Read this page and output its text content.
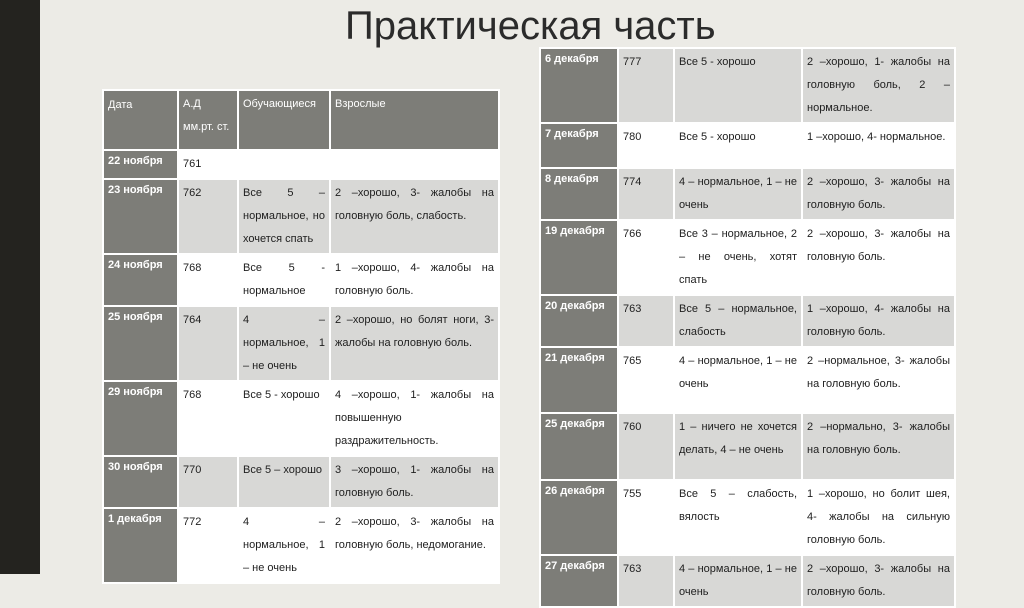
Практическая часть
Дата	А.Д мм.рт. ст.	Обучающиеся	Взрослые
22 ноября	761		
23 ноября	762	Все 5 – нормальное, но хочется спать	2 –хорошо, 3- жалобы на головную боль, слабость.
24 ноября	768	Все 5 - нормальное	1 –хорошо, 4- жалобы на головную боль.
25 ноября	764	4 – нормальное, 1 – не очень	2 –хорошо, но болят ноги, 3- жалобы на головную боль.
29 ноября	768	Все 5 - хорошо	4 –хорошо, 1- жалобы на повышенную раздражительность.
30 ноября	770	Все 5 – хорошо	3 –хорошо, 1- жалобы на головную боль.
1 декабря	772	4 – нормальное, 1 – не очень	2 –хорошо, 3- жалобы на головную боль, недомогание.
6 декабря	777	Все 5 - хорошо	2 –хорошо, 1- жалобы на головную боль, 2 – нормальное.
7 декабря	780	Все 5 - хорошо	1 –хорошо, 4- нормальное.
8 декабря	774	4 – нормальное, 1 – не очень	2 –хорошо, 3- жалобы на головную боль.
19 декабря	766	Все 3 – нормальное, 2 – не очень, хотят спать	2 –хорошо, 3- жалобы на головную боль.
20 декабря	763	Все 5 – нормальное, слабость	1 –хорошо, 4- жалобы на головную боль.
21 декабря	765	4 – нормальное, 1 – не очень	2 –нормальное, 3- жалобы на головную боль.
25 декабря	760	1 – ничего не хочется делать, 4 – не очень	2 –нормально, 3- жалобы на головную боль.
26 декабря	755	Все 5 – слабость, вялость	1 –хорошо, но болит шея, 4- жалобы на сильную головную боль.
27 декабря	763	4 – нормальное, 1 – не очень	2 –хорошо, 3- жалобы на головную боль.
